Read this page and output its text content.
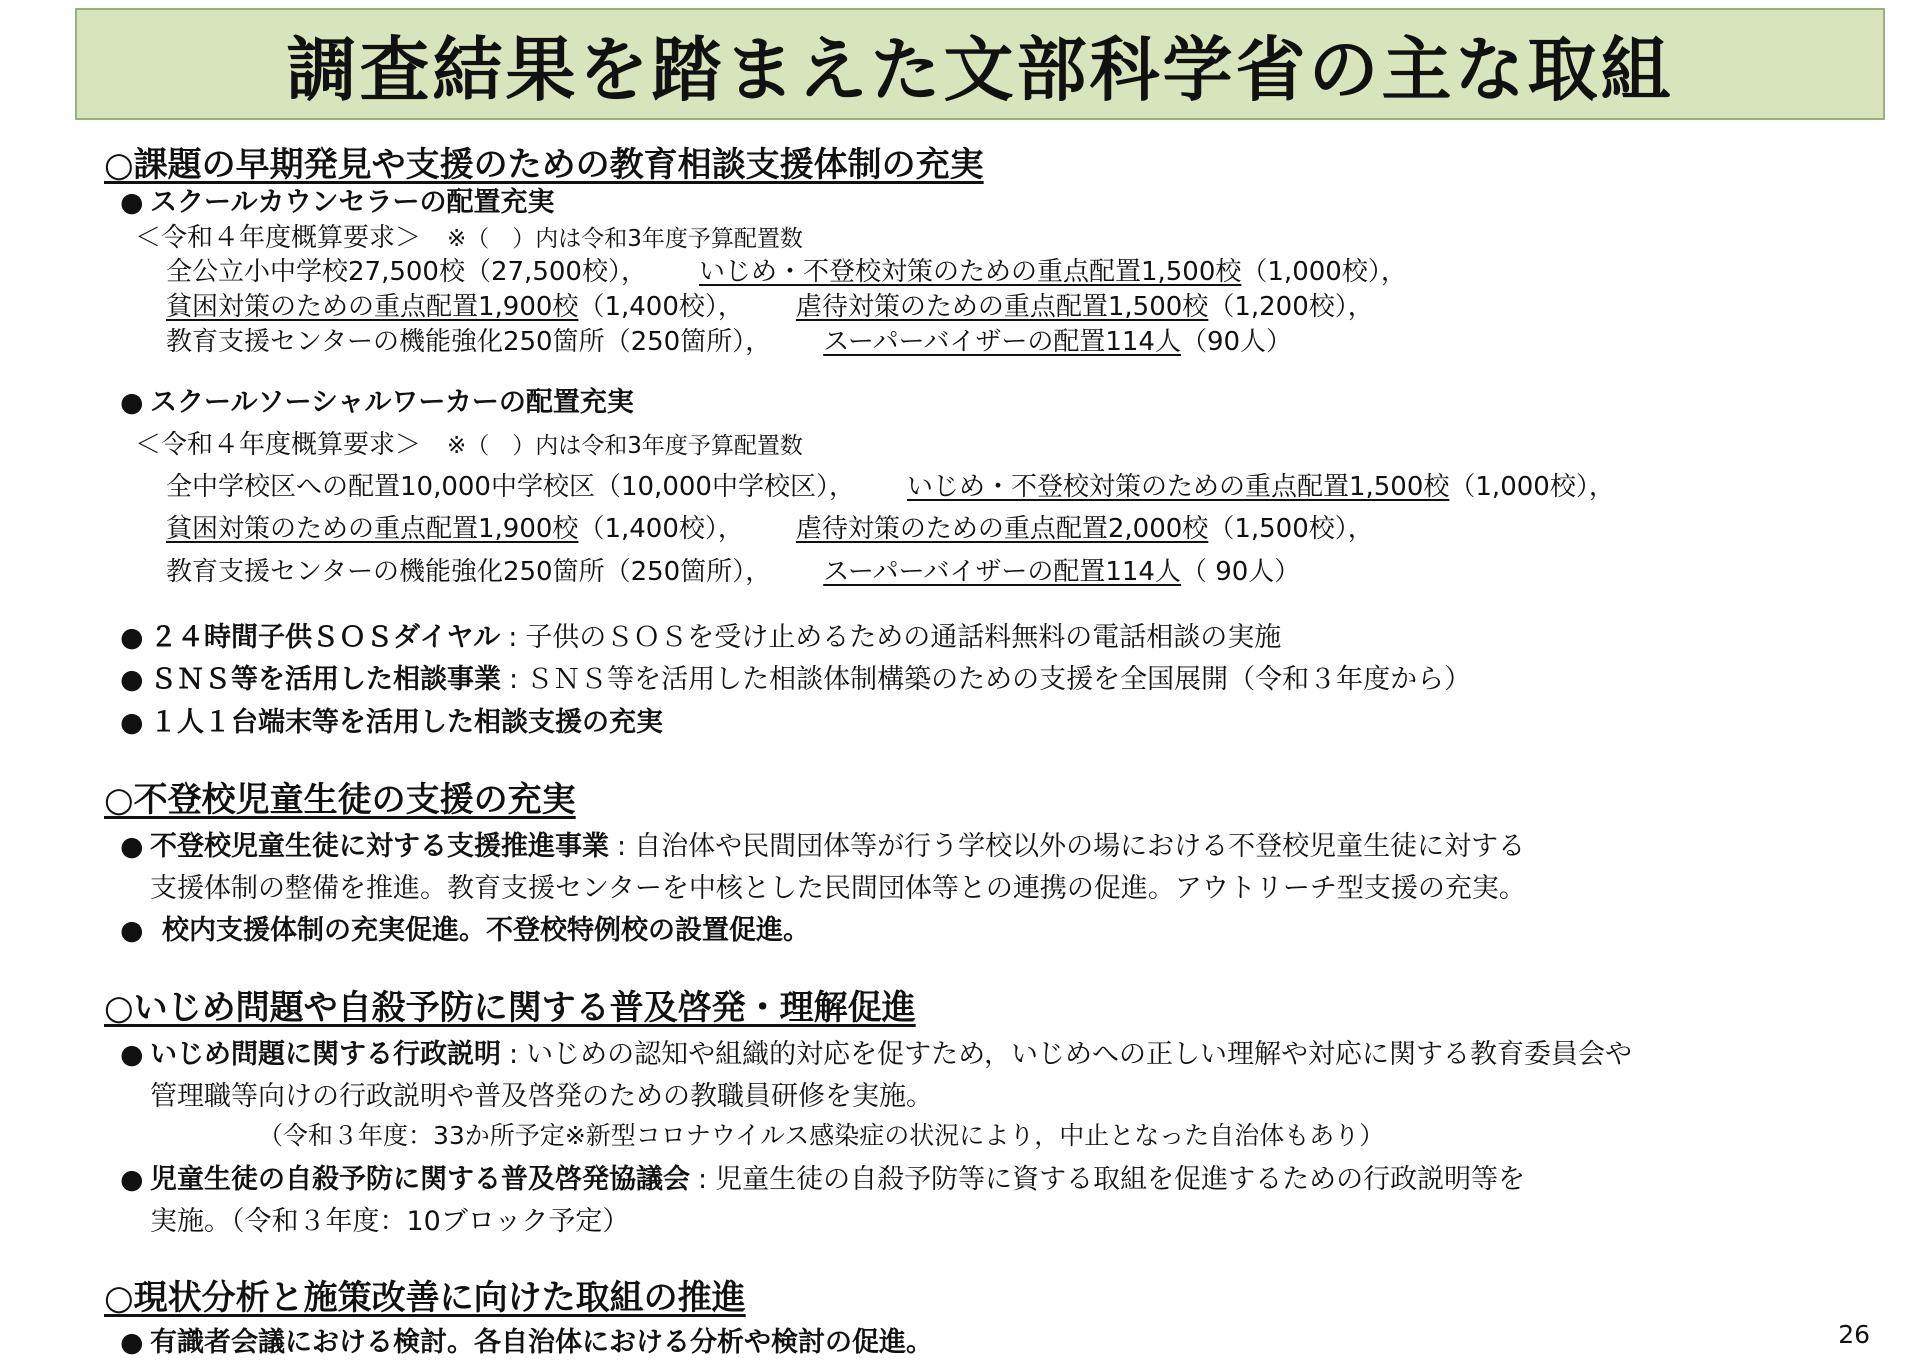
調査結果を踏まえた文部科学省の主な取組
○課題の早期発見や支援のための教育相談支援体制の充実
● スクールカウンセラーの配置充実
＜令和４年度概算要求＞ ※（　）内は令和3年度予算配置数
全公立小中学校27,500校（27,500校）， いじめ・不登校対策のための重点配置1,500校（1,000校），
貧困対策のための重点配置1,900校（1,400校）， 虐待対策のための重点配置1,500校（1,200校），
教育支援センターの機能強化250箇所（250箇所）， スーパーバイザーの配置114人（90人）
● スクールソーシャルワーカーの配置充実
＜令和４年度概算要求＞ ※（　）内は令和3年度予算配置数
全中学校区への配置10,000中学校区（10,000中学校区）， いじめ・不登校対策のための重点配置1,500校（1,000校），
貧困対策のための重点配置1,900校（1,400校）， 虐待対策のための重点配置2,000校（1,500校），
教育支援センターの機能強化250箇所（250箇所）， スーパーバイザーの配置114人（ 90人）
● ２４時間子供ＳＯＳダイヤル : 子供のＳＯＳを受け止めるための通話料無料の電話相談の実施
● ＳＮＳ等を活用した相談事業 : ＳＮＳ等を活用した相談体制構築のための支援を全国展開（令和３年度から）
● １人１台端末等を活用した相談支援の充実
○不登校児童生徒の支援の充実
● 不登校児童生徒に対する支援推進事業 : 自治体や民間団体等が行う学校以外の場における不登校児童生徒に対する
支援体制の整備を推進。教育支援センターを中核とした民間団体等との連携の促進。アウトリーチ型支援の充実。
● 校内支援体制の充実促進。不登校特例校の設置促進。
○いじめ問題や自殺予防に関する普及啓発・理解促進
● いじめ問題に関する行政説明 : いじめの認知や組織的対応を促すため，いじめへの正しい理解や対応に関する教育委員会や
管理職等向けの行政説明や普及啓発のための教職員研修を実施。
（令和３年度：33か所予定※新型コロナウイルス感染症の状況により，中止となった自治体もあり）
● 児童生徒の自殺予防に関する普及啓発協議会 : 児童生徒の自殺予防等に資する取組を促進するための行政説明等を
実施。（令和３年度：10ブロック予定）
○現状分析と施策改善に向けた取組の推進
● 有識者会議における検討。各自治体における分析や検討の促進。	26
